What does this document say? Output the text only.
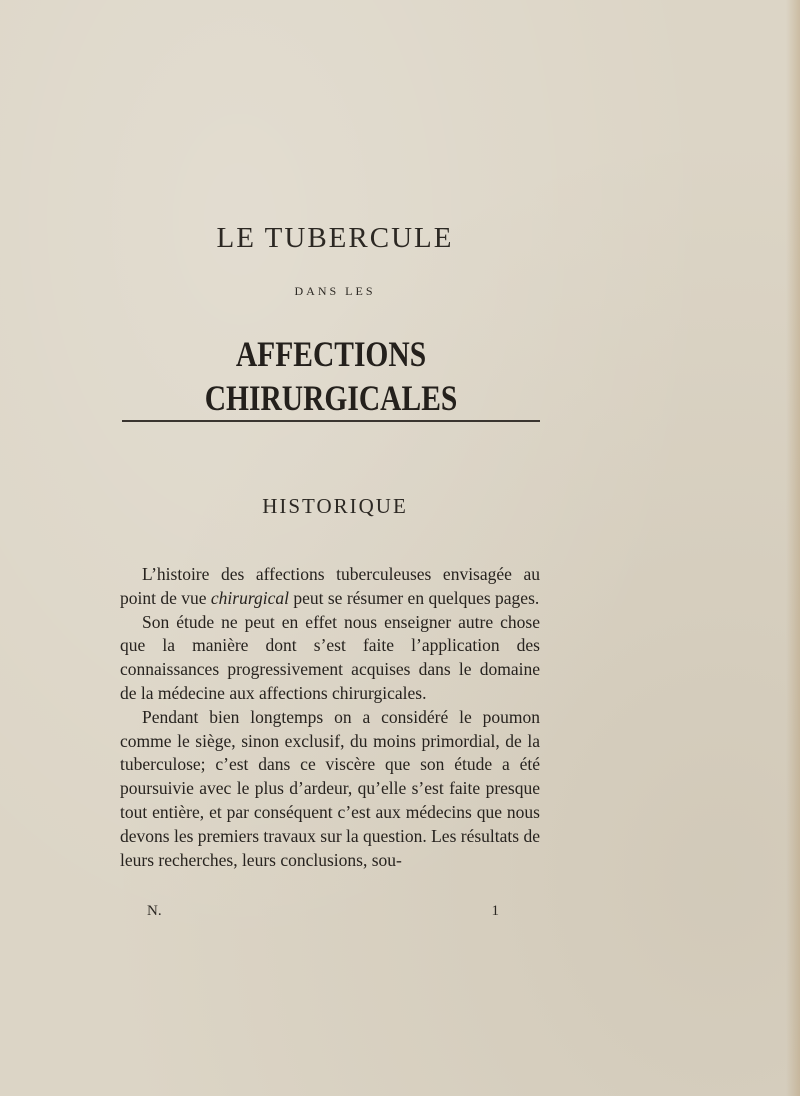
LE TUBERCULE
DANS LES
AFFECTIONS CHIRURGICALES
HISTORIQUE

L’histoire des affections tuberculeuses envisagée au point de vue chirurgical peut se résumer en quelques pages.

Son étude ne peut en effet nous enseigner autre chose que la manière dont s’est faite l’application des connaissances progressivement acquises dans le domaine de la médecine aux affections chirurgicales.

Pendant bien longtemps on a considéré le poumon comme le siège, sinon exclusif, du moins primordial, de la tuberculose; c’est dans ce viscère que son étude a été poursuivie avec le plus d’ardeur, qu’elle s’est faite presque tout entière, et par conséquent c’est aux médecins que nous devons les premiers travaux sur la question. Les résultats de leurs recherches, leurs conclusions, sou-

N.	1
